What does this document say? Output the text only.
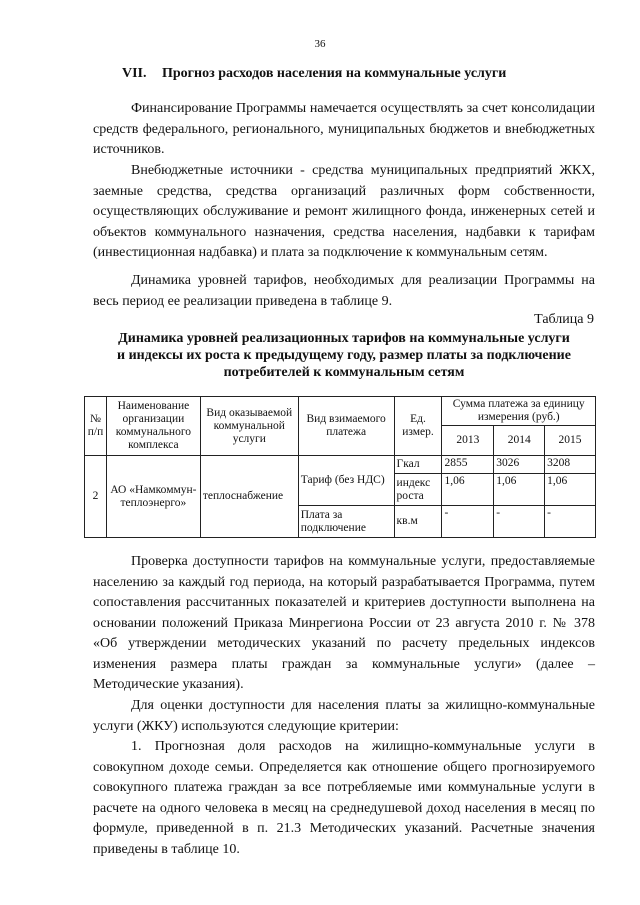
36
VII. Прогноз расходов населения на коммунальные услуги

Финансирование Программы намечается осуществлять за счет консолидации средств федерального, регионального, муниципальных бюджетов и внебюджетных источников.

Внебюджетные источники - средства муниципальных предприятий ЖКХ, заемные средства, средства организаций различных форм собственности, осуществляющих обслуживание и ремонт жилищного фонда, инженерных сетей и объектов коммунального назначения, средства населения, надбавки к тарифам (инвестиционная надбавка) и плата за подключение к коммунальным сетям.

Динамика уровней тарифов, необходимых для реализации Программы на весь период ее реализации приведена в таблице 9.

Таблица 9
Динамика уровней реализационных тарифов на коммунальные услуги
и индексы их роста к предыдущему году, размер платы за подключение
потребителей к коммунальным сетям
№ п/п	Наименование организации коммунального комплекса	Вид оказываемой коммунальной услуги	Вид взимаемого платежа	Ед. измер.	Сумма платежа за единицу измерения (руб.)		
					2013	2014	2015
2	АО «Намкоммун-теплоэнерго»	теплоснабжение	Тариф (без НДС)	Гкал	2855	3026	3208
				индекс роста	1,06	1,06	1,06
			Плата за подключение	кв.м	-	-	-

Проверка доступности тарифов на коммунальные услуги, предоставляемые населению за каждый год периода, на который разрабатывается Программа, путем сопоставления рассчитанных показателей и критериев доступности выполнена на основании положений Приказа Минрегиона России от 23 августа 2010 г. № 378 «Об утверждении методических указаний по расчету предельных индексов изменения размера платы граждан за коммунальные услуги» (далее – Методические указания).

Для оценки доступности для населения платы за жилищно-коммунальные услуги (ЖКУ) используются следующие критерии:

1. Прогнозная доля расходов на жилищно-коммунальные услуги в совокупном доходе семьи. Определяется как отношение общего прогнозируемого совокупного платежа граждан за все потребляемые ими коммунальные услуги в расчете на одного человека в месяц на среднедушевой доход населения в месяц по формуле, приведенной в п. 21.3 Методических указаний. Расчетные значения приведены в таблице 10.
